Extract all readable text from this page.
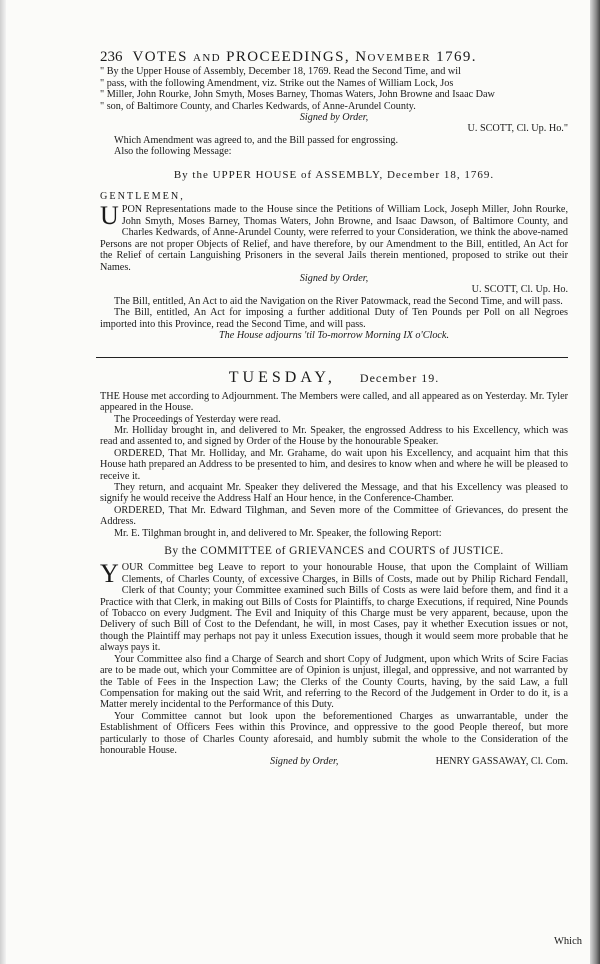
236 VOTES and PROCEEDINGS, November 1769.

" By the Upper House of Assembly, December 18, 1769. Read the Second Time, and wil

" pass, with the following Amendment, viz. Strike out the Names of William Lock, Jos

" Miller, John Rourke, John Smyth, Moses Barney, Thomas Waters, John Browne and Isaac Daw

" son, of Baltimore County, and Charles Kedwards, of Anne-Arundel County.

Signed by Order,

U. SCOTT, Cl. Up. Ho."

Which Amendment was agreed to, and the Bill passed for engrossing.

Also the following Message:

By the UPPER HOUSE of ASSEMBLY, December 18, 1769.
GENTLEMEN,

UPON Representations made to the House since the Petitions of William Lock, Joseph Miller, John Rourke, John Smyth, Moses Barney, Thomas Waters, John Browne, and Isaac Dawson, of Baltimore County, and Charles Kedwards, of Anne-Arundel County, were referred to your Consideration, we think the above-named Persons are not proper Objects of Relief, and have therefore, by our Amendment to the Bill, entitled, An Act for the Relief of certain Languishing Prisoners in the several Jails therein mentioned, proposed to strike out their Names.

Signed by Order,

U. SCOTT, Cl. Up. Ho.

The Bill, entitled, An Act to aid the Navigation on the River Patowmack, read the Second Time, and will pass.

The Bill, entitled, An Act for imposing a further additional Duty of Ten Pounds per Poll on all Negroes imported into this Province, read the Second Time, and will pass.

The House adjourns 'til To-morrow Morning IX o'Clock.

TUESDAY, December 19.

THE House met according to Adjournment. The Members were called, and all appeared as on Yesterday. Mr. Tyler appeared in the House.

The Proceedings of Yesterday were read.

Mr. Holliday brought in, and delivered to Mr. Speaker, the engrossed Address to his Excellency, which was read and assented to, and signed by Order of the House by the honourable Speaker.

ORDERED, That Mr. Holliday, and Mr. Grahame, do wait upon his Excellency, and acquaint him that this House hath prepared an Address to be presented to him, and desires to know when and where he will be pleased to receive it.

They return, and acquaint Mr. Speaker they delivered the Message, and that his Excellency was pleased to signify he would receive the Address Half an Hour hence, in the Conference-Chamber.

ORDERED, That Mr. Edward Tilghman, and Seven more of the Committee of Grievances, do present the Address.

Mr. E. Tilghman brought in, and delivered to Mr. Speaker, the following Report:

By the COMMITTEE of GRIEVANCES and COURTS of JUSTICE.

YOUR Committee beg Leave to report to your honourable House, that upon the Complaint of William Clements, of Charles County, of excessive Charges, in Bills of Costs, made out by Philip Richard Fendall, Clerk of that County; your Committee examined such Bills of Costs as were laid before them, and find it a Practice with that Clerk, in making out Bills of Costs for Plaintiffs, to charge Executions, if required, Nine Pounds of Tobacco on every Judgment. The Evil and Iniquity of this Charge must be very apparent, because, upon the Delivery of such Bill of Cost to the Defendant, he will, in most Cases, pay it whether Execution issues or not, though the Plaintiff may perhaps not pay it unless Execution issues, though it would seem more probable that he always pays it.

Your Committee also find a Charge of Search and short Copy of Judgment, upon which Writs of Scire Facias are to be made out, which your Committee are of Opinion is unjust, illegal, and oppressive, and not warranted by the Table of Fees in the Inspection Law; the Clerks of the County Courts, having, by the said Law, a full Compensation for making out the said Writ, and referring to the Record of the Judgement in Order to do it, is a Matter merely incidental to the Performance of this Duty.

Your Committee cannot but look upon the beforementioned Charges as unwarrantable, under the Establishment of Officers Fees within this Province, and oppressive to the good People thereof, but more particularly to those of Charles County aforesaid, and humbly submit the whole to the Consideration of the honourable House.

Signed by Order,	HENRY GASSAWAY, Cl. Com.

Which
